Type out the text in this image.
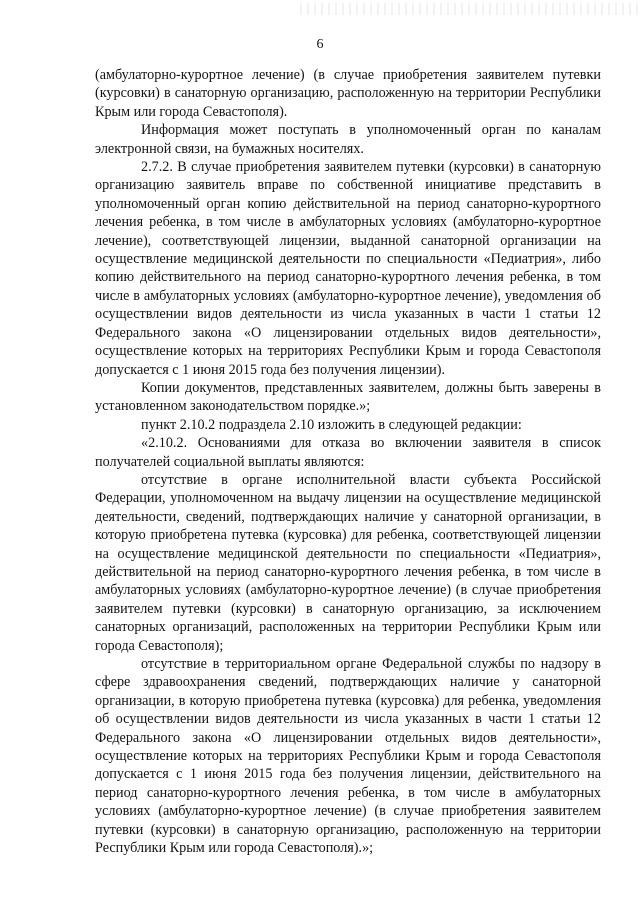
6

(амбулаторно-курортное лечение) (в случае приобретения заявителем путевки (курсовки) в санаторную организацию, расположенную на территории Республики Крым или города Севастополя).

Информация может поступать в уполномоченный орган по каналам электронной связи, на бумажных носителях.

2.7.2. В случае приобретения заявителем путевки (курсовки) в санаторную организацию заявитель вправе по собственной инициативе представить в уполномоченный орган копию действительной на период санаторно-курортного лечения ребенка, в том числе в амбулаторных условиях (амбулаторно-курортное лечение), соответствующей лицензии, выданной санаторной организации на осуществление медицинской деятельности по специальности «Педиатрия», либо копию действительного на период санаторно-курортного лечения ребенка, в том числе в амбулаторных условиях (амбулаторно-курортное лечение), уведомления об осуществлении видов деятельности из числа указанных в части 1 статьи 12 Федерального закона «О лицензировании отдельных видов деятельности», осуществление которых на территориях Республики Крым и города Севастополя допускается с 1 июня 2015 года без получения лицензии).

Копии документов, представленных заявителем, должны быть заверены в установленном законодательством порядке.»;

пункт 2.10.2 подраздела 2.10 изложить в следующей редакции:

«2.10.2. Основаниями для отказа во включении заявителя в список получателей социальной выплаты являются:

отсутствие в органе исполнительной власти субъекта Российской Федерации, уполномоченном на выдачу лицензии на осуществление медицинской деятельности, сведений, подтверждающих наличие у санаторной организации, в которую приобретена путевка (курсовка) для ребенка, соответствующей лицензии на осуществление медицинской деятельности по специальности «Педиатрия», действительной на период санаторно-курортного лечения ребенка, в том числе в амбулаторных условиях (амбулаторно-курортное лечение) (в случае приобретения заявителем путевки (курсовки) в санаторную организацию, за исключением санаторных организаций, расположенных на территории Республики Крым или города Севастополя);

отсутствие в территориальном органе Федеральной службы по надзору в сфере здравоохранения сведений, подтверждающих наличие у санаторной организации, в которую приобретена путевка (курсовка) для ребенка, уведомления об осуществлении видов деятельности из числа указанных в части 1 статьи 12 Федерального закона «О лицензировании отдельных видов деятельности», осуществление которых на территориях Республики Крым и города Севастополя допускается с 1 июня 2015 года без получения лицензии, действительного на период санаторно-курортного лечения ребенка, в том числе в амбулаторных условиях (амбулаторно-курортное лечение) (в случае приобретения заявителем путевки (курсовки) в санаторную организацию, расположенную на территории Республики Крым или города Севастополя).»;
